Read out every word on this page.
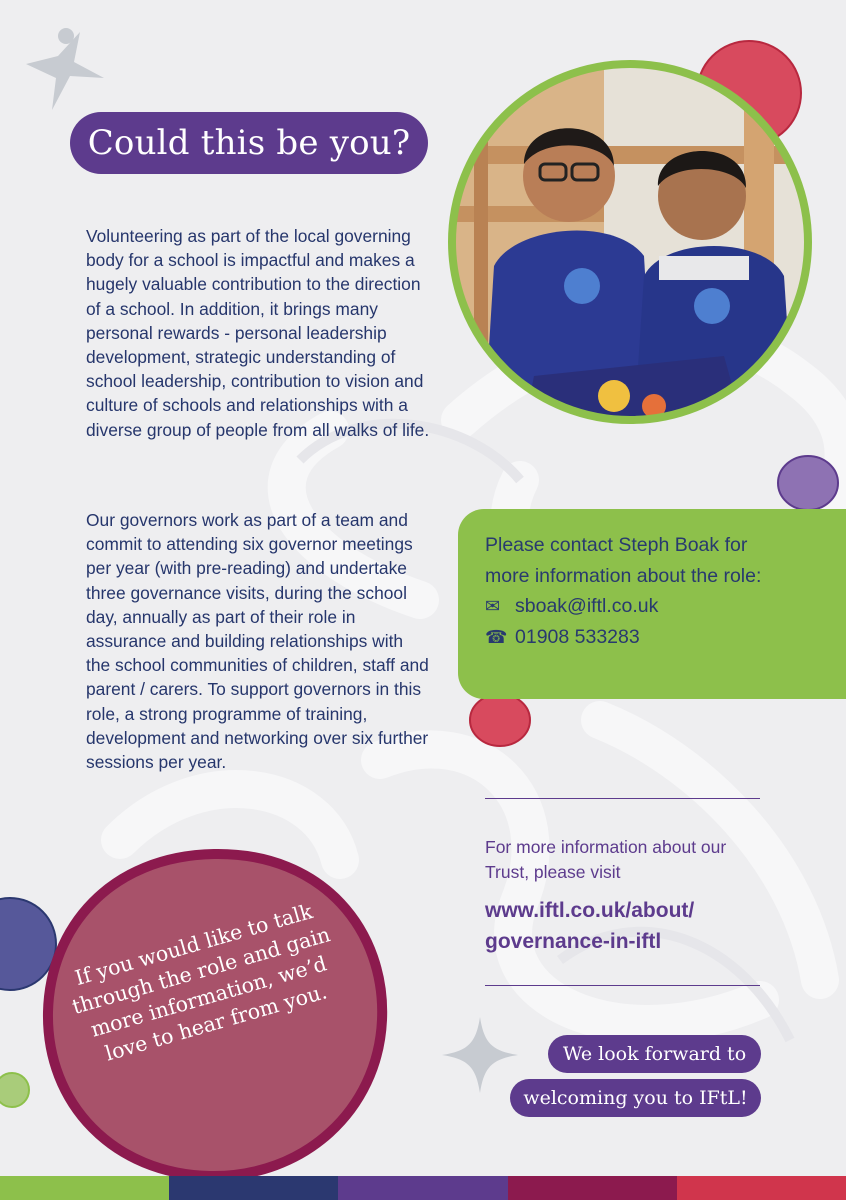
Could this be you?
Volunteering as part of the local governing body for a school is impactful and makes a hugely valuable contribution to the direction of a school. In addition, it brings many personal rewards - personal leadership development, strategic understanding of school leadership, contribution to vision and culture of schools and relationships with a diverse group of people from all walks of life.
Our governors work as part of a team and commit to attending six governor meetings per year (with pre-reading) and undertake three governance visits, during the school day, annually as part of their role in assurance and building relationships with the school communities of children, staff and parent / carers. To support governors in this role, a strong programme of training, development and networking over six further sessions per year.
Please contact Steph Boak for more information about the role:
✉ sboak@iftl.co.uk
☎ 01908 533283
For more information about our Trust, please visit
www.iftl.co.uk/about/
governance-in-iftl
If you would like to talk through the role and gain more information, we’d love to hear from you.	We look forward to
welcoming you to IFtL!
